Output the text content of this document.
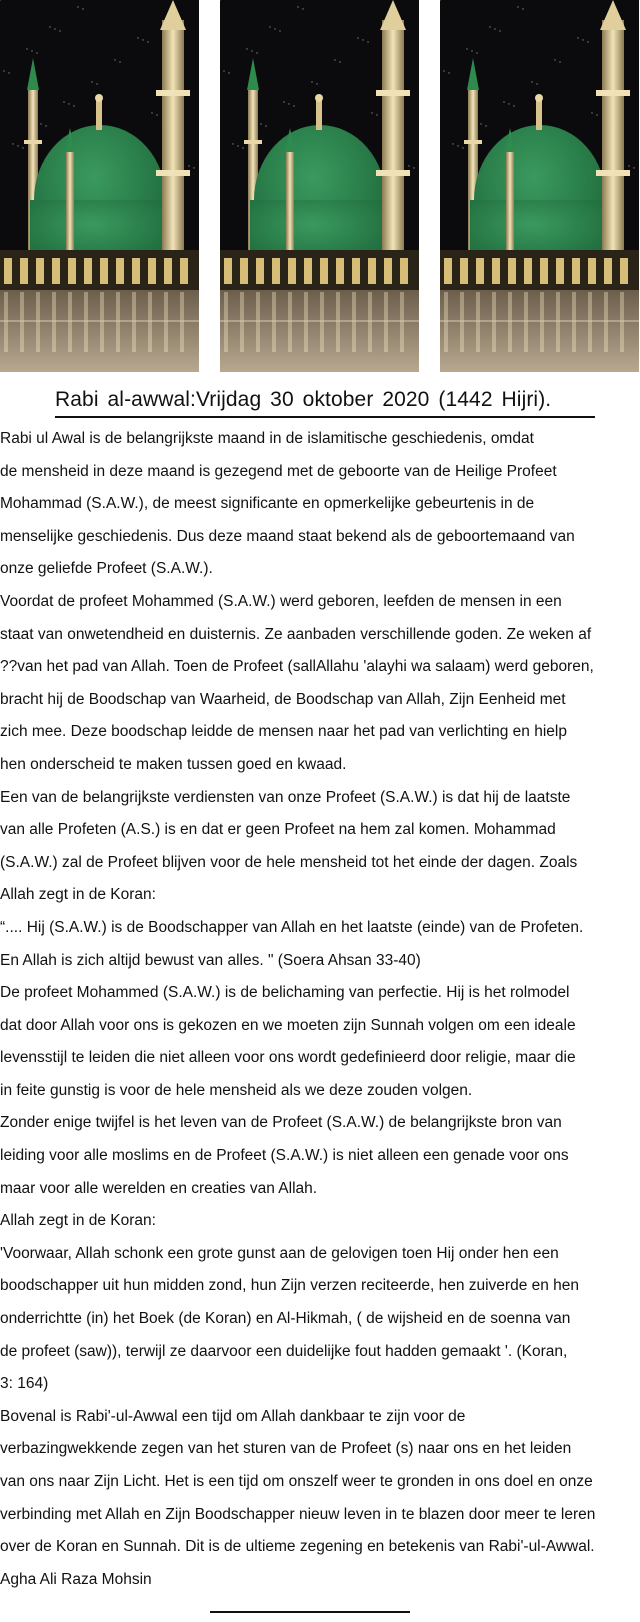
Rabi al-awwal:Vrijdag 30 oktober 2020 (1442 Hijri).

Rabi ul Awal is de belangrijkste maand in de islamitische geschiedenis, omdat

de mensheid in deze maand is gezegend met de geboorte van de Heilige Profeet

Mohammad (S.A.W.), de meest significante en opmerkelijke gebeurtenis in de

menselijke geschiedenis. Dus deze maand staat bekend als de geboortemaand van

onze geliefde Profeet (S.A.W.).

Voordat de profeet Mohammed (S.A.W.) werd geboren, leefden de mensen in een

staat van onwetendheid en duisternis. Ze aanbaden verschillende goden. Ze weken af

??van het pad van Allah. Toen de Profeet (sallAllahu 'alayhi wa salaam) werd geboren,

bracht hij de Boodschap van Waarheid, de Boodschap van Allah, Zijn Eenheid met

zich mee. Deze boodschap leidde de mensen naar het pad van verlichting en hielp

hen onderscheid te maken tussen goed en kwaad.

Een van de belangrijkste verdiensten van onze Profeet (S.A.W.) is dat hij de laatste

van alle Profeten (A.S.) is en dat er geen Profeet na hem zal komen. Mohammad

(S.A.W.) zal de Profeet blijven voor de hele mensheid tot het einde der dagen. Zoals

Allah zegt in de Koran:

“.... Hij (S.A.W.) is de Boodschapper van Allah en het laatste (einde) van de Profeten.

En Allah is zich altijd bewust van alles. " (Soera Ahsan 33-40)

De profeet Mohammed (S.A.W.) is de belichaming van perfectie. Hij is het rolmodel

dat door Allah voor ons is gekozen en we moeten zijn Sunnah volgen om een ideale

levensstijl te leiden die niet alleen voor ons wordt gedefinieerd door religie, maar die

in feite gunstig is voor de hele mensheid als we deze zouden volgen.

Zonder enige twijfel is het leven van de Profeet (S.A.W.) de belangrijkste bron van

leiding voor alle moslims en de Profeet (S.A.W.) is niet alleen een genade voor ons

maar voor alle werelden en creaties van Allah.

Allah zegt in de Koran:

'Voorwaar, Allah schonk een grote gunst aan de gelovigen toen Hij onder hen een

boodschapper uit hun midden zond, hun Zijn verzen reciteerde, hen zuiverde en hen

onderrichtte (in) het Boek (de Koran) en Al-Hikmah, ( de wijsheid en de soenna van

de profeet (saw)), terwijl ze daarvoor een duidelijke fout hadden gemaakt '. (Koran,

3: 164)

Bovenal is Rabi'-ul-Awwal een tijd om Allah dankbaar te zijn voor de

verbazingwekkende zegen van het sturen van de Profeet (s) naar ons en het leiden

van ons naar Zijn Licht. Het is een tijd om onszelf weer te gronden in ons doel en onze

verbinding met Allah en Zijn Boodschapper nieuw leven in te blazen door meer te leren

over de Koran en Sunnah. Dit is de ultieme zegening en betekenis van Rabi'-ul-Awwal.

Agha Ali Raza Mohsin
